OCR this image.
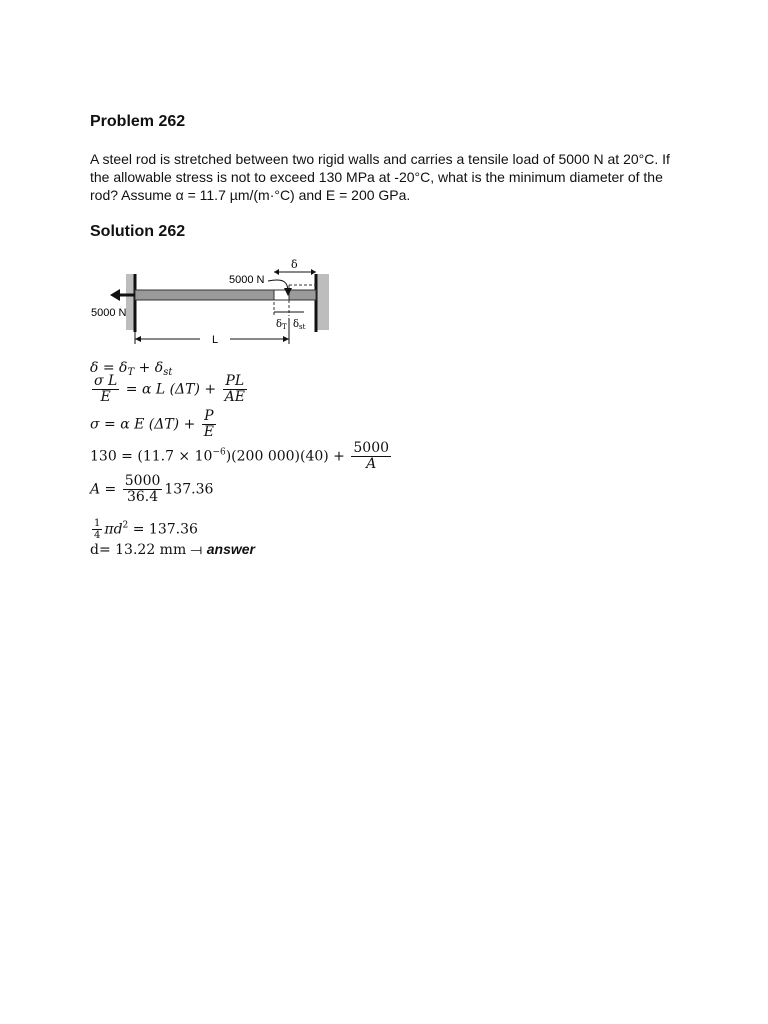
Problem 262
A steel rod is stretched between two rigid walls and carries a tensile load of 5000 N at 20°C. If the allowable stress is not to exceed 130 MPa at -20°C, what is the minimum diameter of the rod? Assume α = 11.7 µm/(m·°C) and E = 200 GPa.
Solution 262
5000 N
5000 N
δ
$\delta_T$ $\delta_{st}$
L
$\delta = \delta_T + \delta_{st}$
$\frac{\text{σ L}}{E} = \alpha$ L $(\Delta T) + \frac{PL}{AE}$
σ = α E $(\Delta T) + \frac{P}{E}$
$130 = (11.7 \times 10^{-6})(200$ $000)(40) + \frac{5000}{A}$
$A = \frac{5000}{36.4} 137.36$
$\frac{1}{4} \pi d^2 = 137.36$
d= 13.22 mm ⟞ answer
